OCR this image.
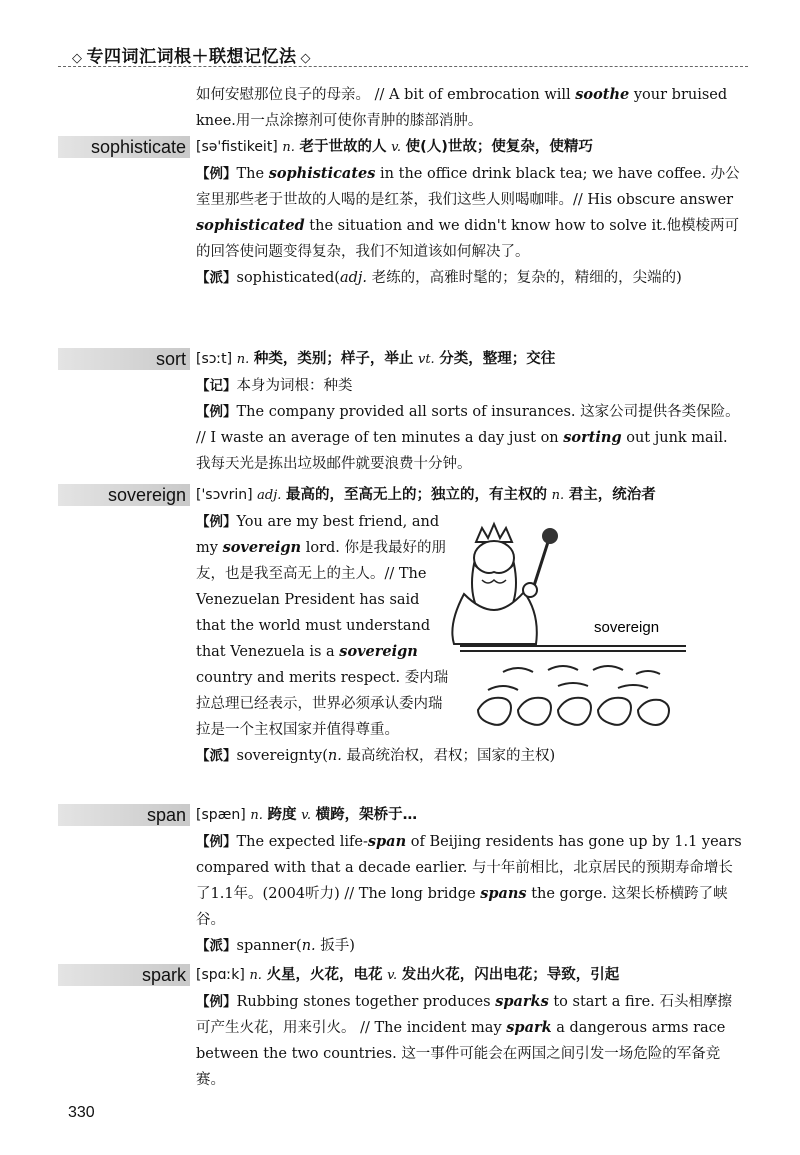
◇ 专四词汇词根＋联想记忆法 ◇
如何安慰那位良子的母亲。 // A bit of embrocation will soothe your bruised knee.用一点涂擦剂可使你青肿的膝部消肿。
sophisticate [sə'fistikeit] n. 老于世故的人 v. 使(人)世故；使复杂，使精巧
【例】The sophisticates in the office drink black tea; we have coffee. 办公室里那些老于世故的人喝的是红茶，我们这些人则喝咖啡。// His obscure answer sophisticated the situation and we didn't know how to solve it.他模棱两可的回答使问题变得复杂，我们不知道该如何解决了。
【派】sophisticated(adj. 老练的，高雅时髦的；复杂的，精细的，尖端的)
sort [sɔːt] n. 种类，类别；样子，举止 vt. 分类，整理；交往
【记】本身为词根：种类
【例】The company provided all sorts of insurances. 这家公司提供各类保险。 // I waste an average of ten minutes a day just on sorting out junk mail. 我每天光是拣出垃圾邮件就要浪费十分钟。
sovereign ['sɔvrin] adj. 最高的，至高无上的；独立的，有主权的 n. 君主，统治者
【例】You are my best friend, and my sovereign lord. 你是我最好的朋友，也是我至高无上的主人。// The Venezuelan President has said that the world must understand that Venezuela is a sovereign country and merits respect. 委内瑞拉总理已经表示，世界必须承认委内瑞拉是一个主权国家并值得尊重。
【派】sovereignty(n. 最高统治权，君权；国家的主权)
sovereign
span [spæn] n. 跨度 v. 横跨，架桥于…
【例】The expected life-span of Beijing residents has gone up by 1.1 years compared with that a decade earlier. 与十年前相比，北京居民的预期寿命增长了1.1年。(2004听力) // The long bridge spans the gorge. 这架长桥横跨了峡谷。
【派】spanner(n. 扳手)
spark [spɑːk] n. 火星，火花，电花 v. 发出火花，闪出电花；导致，引起
【例】Rubbing stones together produces sparks to start a fire. 石头相摩擦可产生火花，用来引火。 // The incident may spark a dangerous arms race between the two countries. 这一事件可能会在两国之间引发一场危险的军备竞赛。
330
